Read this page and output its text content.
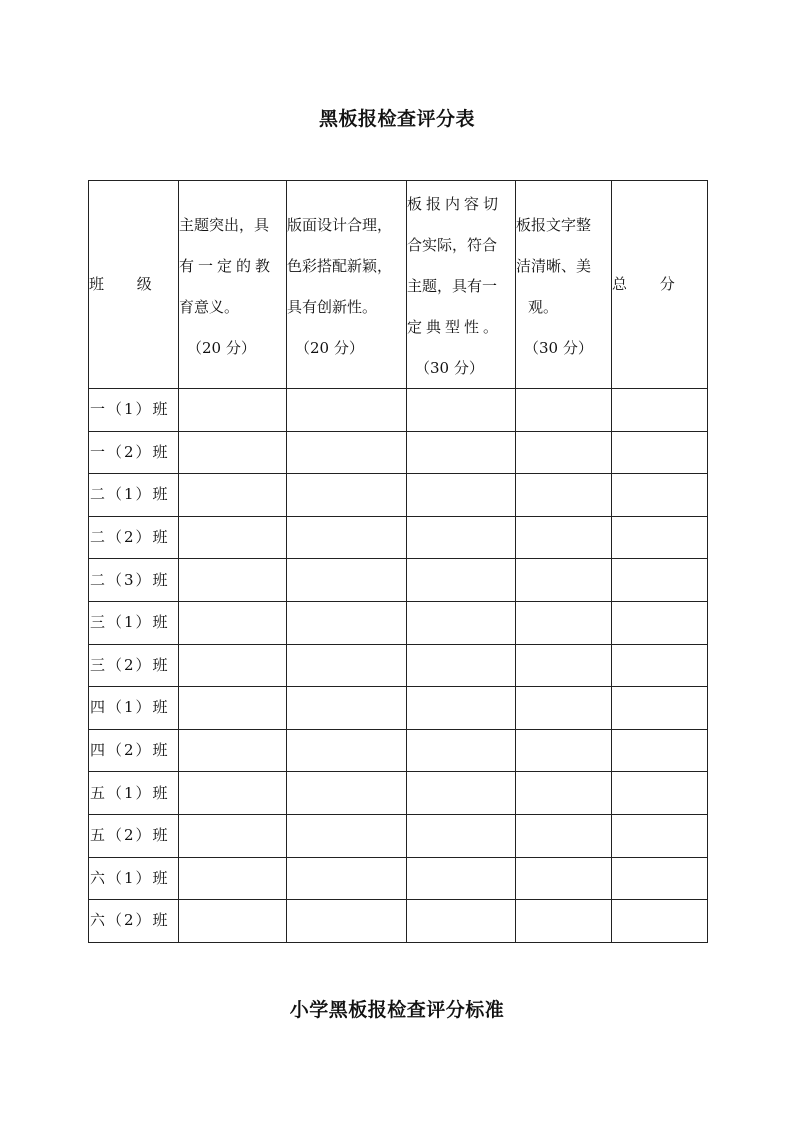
黑板报检查评分表
班 级	主题突出，具
有一定的教
育意义。
（20 分）	版面设计合理，
色彩搭配新颖，
具有创新性。
（20 分）	板报内容切
合实际，符合
主题，具有一
定典型性。
（30 分）	板报文字整
洁清晰、美
观。
（30 分）	总 分
一（1）班					
一（2）班					
二（1）班					
二（2）班					
二（3）班					
三（1）班					
三（2）班					
四（1）班					
四（2）班					
五（1）班					
五（2）班					
六（1）班					
六（2）班					
小学黑板报检查评分标准
